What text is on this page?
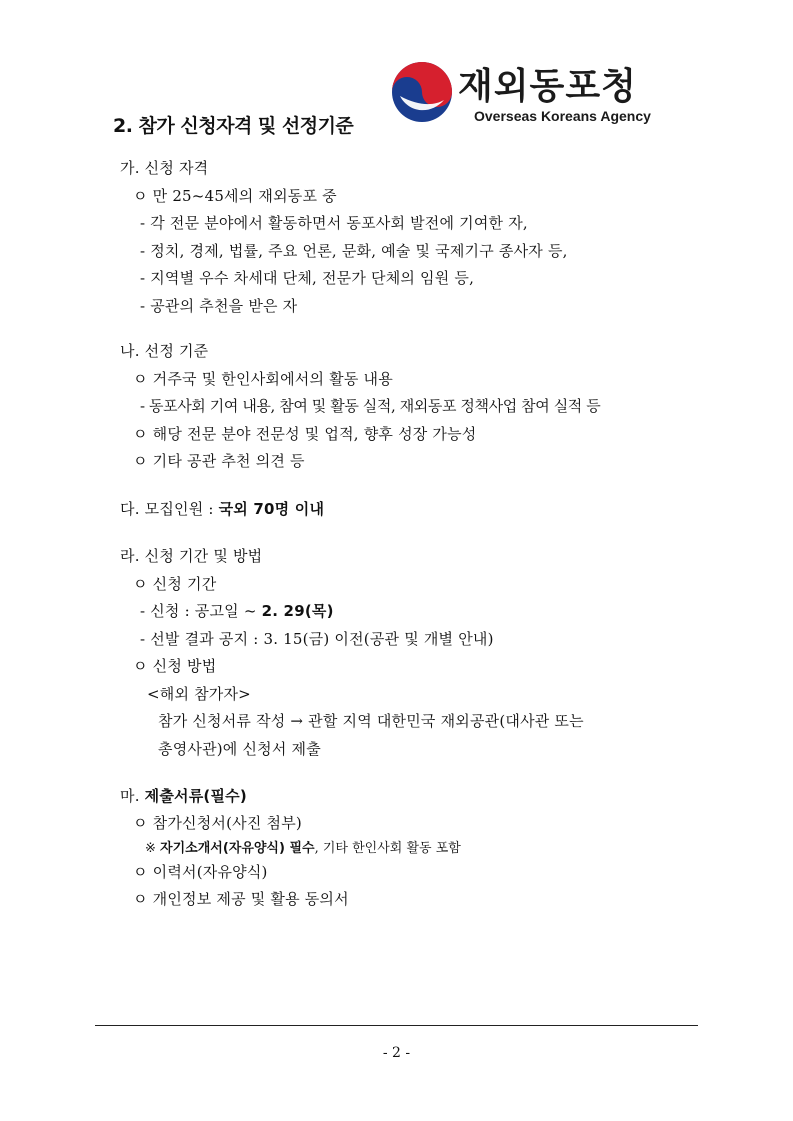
재외동포청
Overseas Koreans Agency
2. 참가 신청자격 및 선정기준
가. 신청 자격
ㅇ 만 25~45세의 재외동포 중
- 각 전문 분야에서 활동하면서 동포사회 발전에 기여한 자,
- 정치, 경제, 법률, 주요 언론, 문화, 예술 및 국제기구 종사자 등,
- 지역별 우수 차세대 단체, 전문가 단체의 임원 등,
- 공관의 추천을 받은 자
나. 선정 기준
ㅇ 거주국 및 한인사회에서의 활동 내용
- 동포사회 기여 내용, 참여 및 활동 실적, 재외동포 정책사업 참여 실적 등
ㅇ 해당 전문 분야 전문성 및 업적, 향후 성장 가능성
ㅇ 기타 공관 추천 의견 등
다. 모집인원 : 국외 70명 이내
라. 신청 기간 및 방법
ㅇ 신청 기간
- 신청 : 공고일 ~ 2. 29(목)
- 선발 결과 공지 : 3. 15(금) 이전(공관 및 개별 안내)
ㅇ 신청 방법
<해외 참가자>
참가 신청서류 작성 → 관할 지역 대한민국 재외공관(대사관 또는
총영사관)에 신청서 제출
마. 제출서류(필수)
ㅇ 참가신청서(사진 첨부)
※ 자기소개서(자유양식) 필수, 기타 한인사회 활동 포함
ㅇ 이력서(자유양식)
ㅇ 개인정보 제공 및 활용 동의서
- 2 -
